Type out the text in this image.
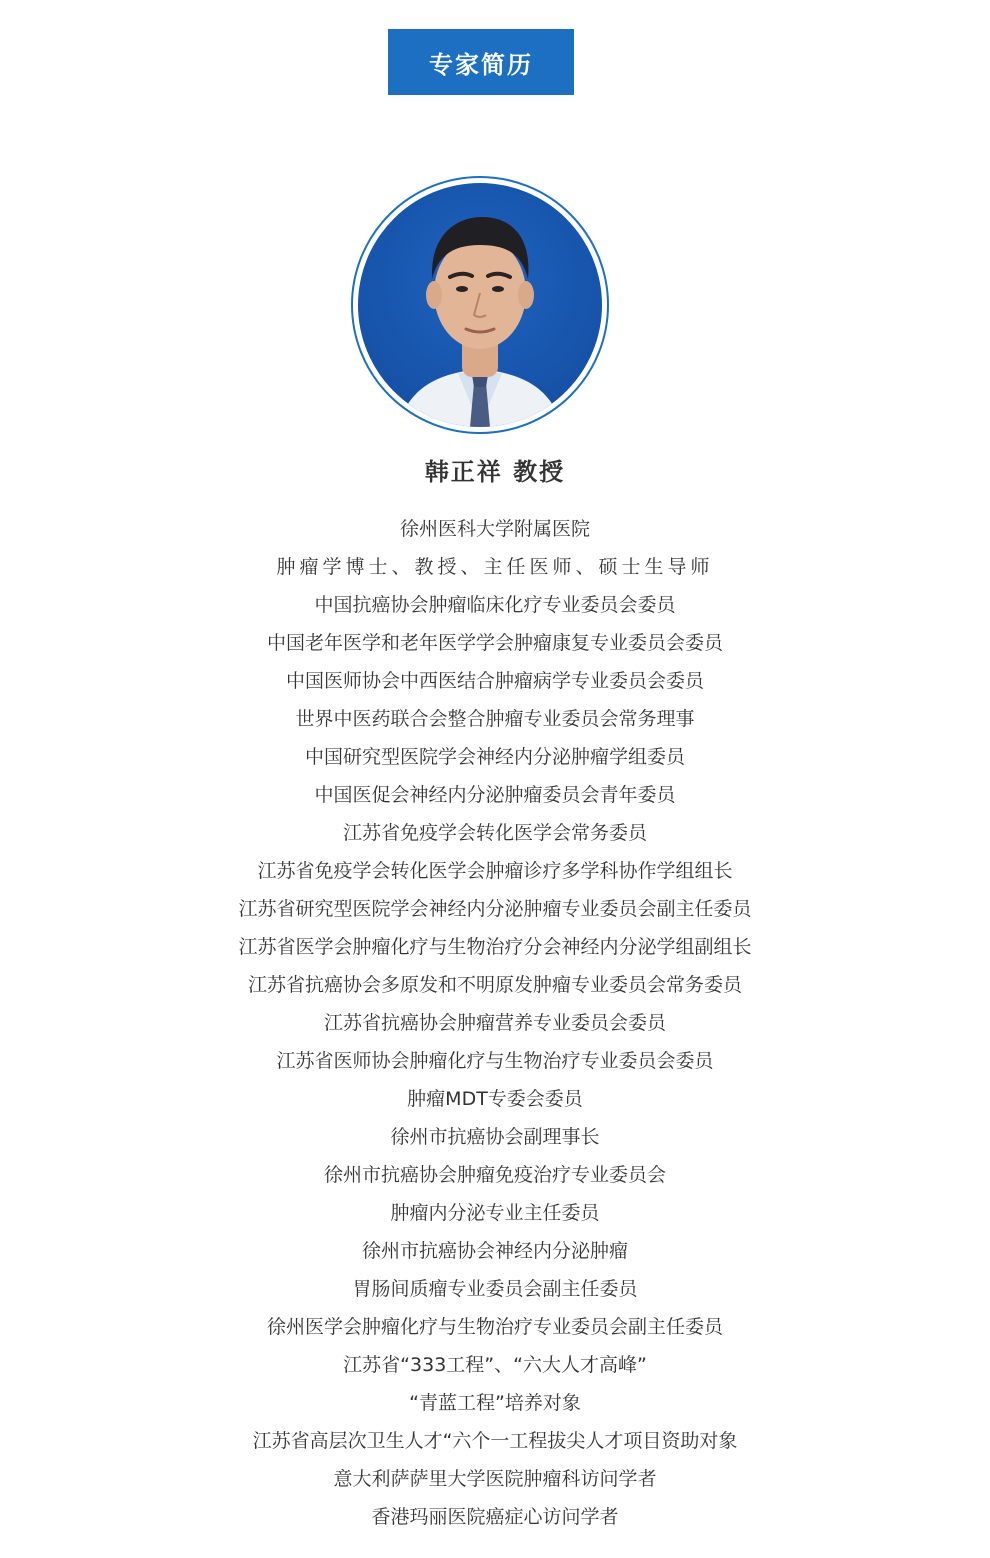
专家简历
韩正祥 教授
徐州医科大学附属医院
肿瘤学博士、教授、主任医师、硕士生导师
中国抗癌协会肿瘤临床化疗专业委员会委员
中国老年医学和老年医学学会肿瘤康复专业委员会委员
中国医师协会中西医结合肿瘤病学专业委员会委员
世界中医药联合会整合肿瘤专业委员会常务理事
中国研究型医院学会神经内分泌肿瘤学组委员
中国医促会神经内分泌肿瘤委员会青年委员
江苏省免疫学会转化医学会常务委员
江苏省免疫学会转化医学会肿瘤诊疗多学科协作学组组长
江苏省研究型医院学会神经内分泌肿瘤专业委员会副主任委员
江苏省医学会肿瘤化疗与生物治疗分会神经内分泌学组副组长
江苏省抗癌协会多原发和不明原发肿瘤专业委员会常务委员
江苏省抗癌协会肿瘤营养专业委员会委员
江苏省医师协会肿瘤化疗与生物治疗专业委员会委员
肿瘤MDT专委会委员
徐州市抗癌协会副理事长
徐州市抗癌协会肿瘤免疫治疗专业委员会
肿瘤内分泌专业主任委员
徐州市抗癌协会神经内分泌肿瘤
胃肠间质瘤专业委员会副主任委员
徐州医学会肿瘤化疗与生物治疗专业委员会副主任委员
江苏省“333工程”、“六大人才高峰”
“青蓝工程”培养对象
江苏省高层次卫生人才“六个一工程拔尖人才项目资助对象
意大利萨萨里大学医院肿瘤科访问学者
香港玛丽医院癌症心访问学者
